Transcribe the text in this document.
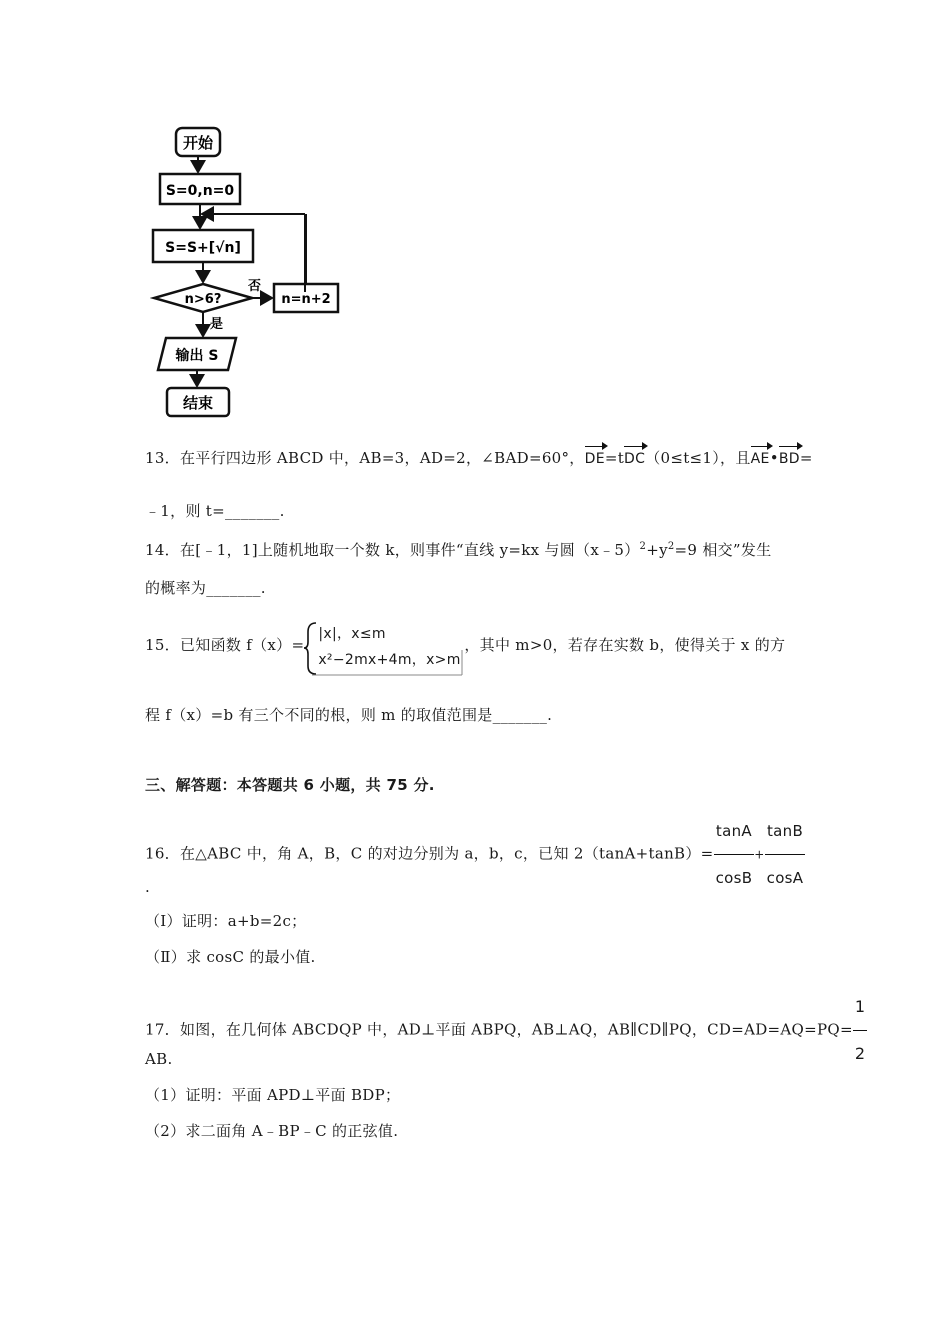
开始
S=0,n=0
S=S+[√n]
n>6?
否
n=n+2
是
输出 S
结束
13．在平行四边形 ABCD 中，AB=3，AD=2，∠BAD=60°，DE=tDC（0≤t≤1），且AE•BD=
﹣1，则 t=_______.
14．在[﹣1，1]上随机地取一个数 k，则事件“直线 y=kx 与圆$(x﹣5)^2+y^2=9$ 相交”发生
的概率为_______.
15．已知函数 f（x）=
|x|，x≤m
x²−2mx+4m，x>m
，其中 m>0，若存在实数 b，使得关于 x 的方
程 f（x）=b 有三个不同的根，则 m 的取值范围是_______.
三、解答题：本答题共 6 小题，共 75 分.
16．在△ABC 中，角 A，B，C 的对边分别为 a，b，c，已知 $2(\tan A+\tan B)= \frac{\tan A}{\cos B} + \frac{\tan B}{\cos A}$
.
（Ⅰ）证明：a+b=2c；
（Ⅱ）求 cosC 的最小值.
17．如图，在几何体 ABCDQP 中，AD⊥平面 ABPQ，AB⊥AQ，AB∥CD∥PQ，$CD=AD=AQ=PQ= \frac{1}{2}$
AB.
（1）证明：平面 APD⊥平面 BDP；
（2）求二面角 A﹣BP﹣C 的正弦值.
